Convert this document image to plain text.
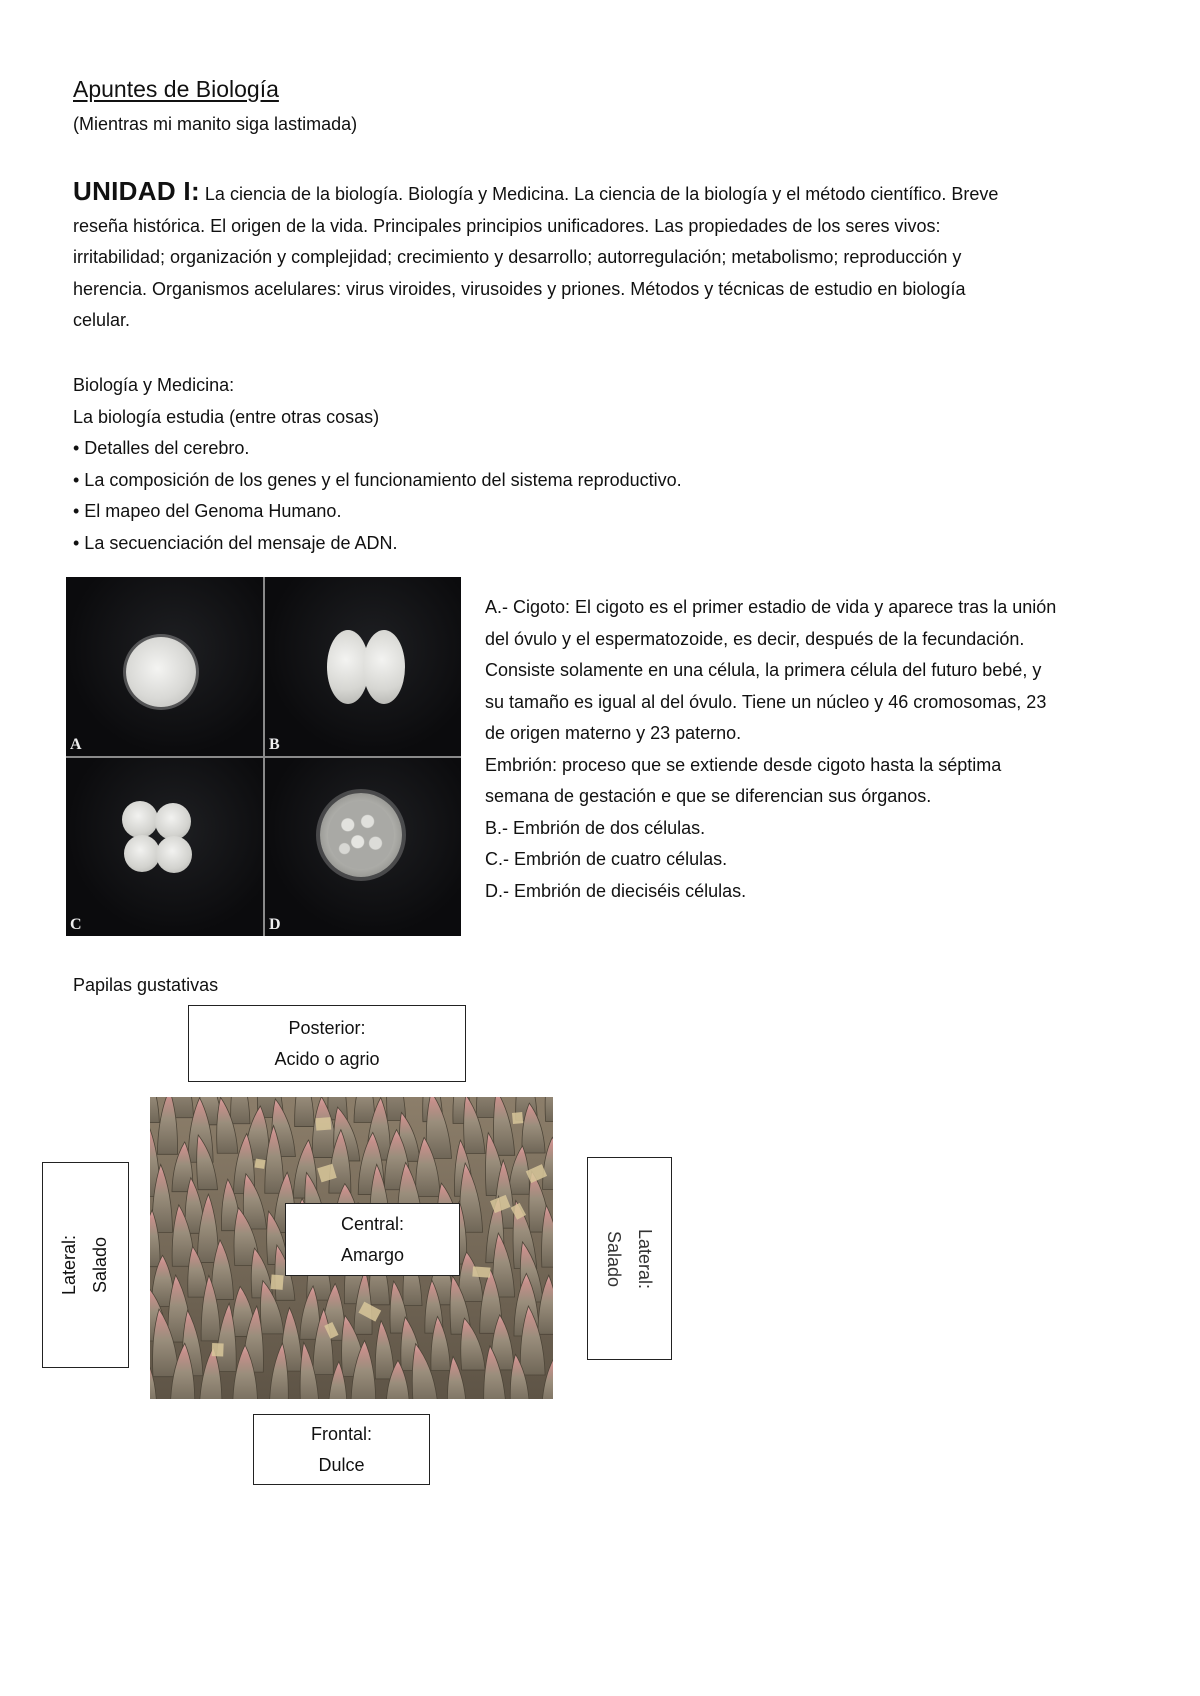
Apuntes de Biología
(Mientras mi manito siga lastimada)
UNIDAD I: La ciencia de la biología. Biología y Medicina. La ciencia de la biología y el método científico. Breve
reseña histórica. El origen de la vida. Principales principios unificadores. Las propiedades de los seres vivos:
irritabilidad; organización y complejidad; crecimiento y desarrollo; autorregulación; metabolismo; reproducción y
herencia. Organismos acelulares: virus viroides, virusoides y priones. Métodos y técnicas de estudio en biología
celular.
Biología y Medicina:
La biología estudia (entre otras cosas)
• Detalles del cerebro.
• La composición de los genes y el funcionamiento del sistema reproductivo.
• El mapeo del Genoma Humano.
• La secuenciación del mensaje de ADN.
A	B
C	D
A.- Cigoto: El cigoto es el primer estadio de vida y aparece tras la unión
del óvulo y el espermatozoide, es decir, después de la fecundación.
Consiste solamente en una célula, la primera célula del futuro bebé, y
su tamaño es igual al del óvulo. Tiene un núcleo y 46 cromosomas, 23
de origen materno y 23 paterno.
Embrión: proceso que se extiende desde cigoto hasta la séptima
semana de gestación e que se diferencian sus órganos.
B.- Embrión de dos células.
C.- Embrión de cuatro células.
D.- Embrión de dieciséis células.
Papilas gustativas
Posterior:
Acido o agrio
Central:
Amargo
Lateral: Salado	Lateral:
Salado
Frontal:
Dulce
